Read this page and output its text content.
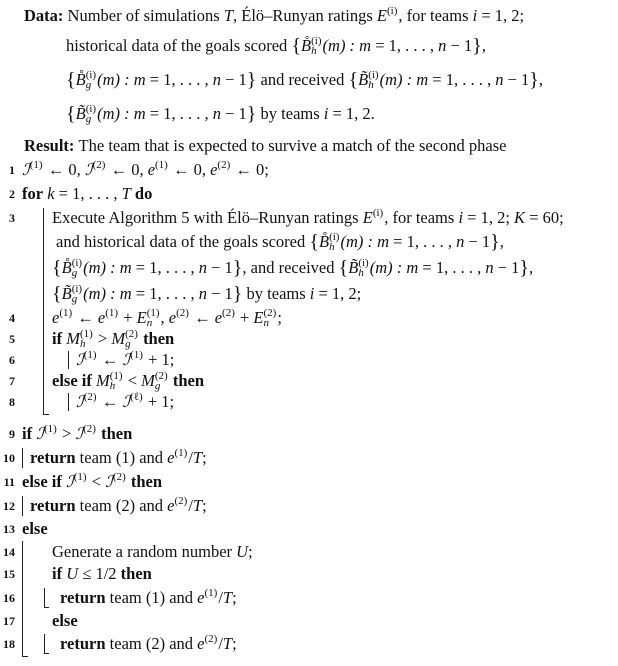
Data:
Number of simulations T , Élö–Runyan ratings E (i)
, for teams i = 1, 2;
historical data of the goals scored { B̊ (i)
h (m) : m = 1, . . . , n − 1 } ,
{ B̊ (i)
g (m) : m = 1, . . . , n − 1 } and received { B̃ (i)
h (m) : m = 1, . . . , n − 1 } ,
{ B̃ (i)
g (m) : m = 1, . . . , n − 1 } by teams i = 1, 2.
Result:
The team that is expected to survive a match of the second phase
1 ℐ (1)
← 0, ℐ (2)
← 0, e (1)
← 0, e (2)
← 0;
2 for k = 1, . . . , T do
3 Execute Algorithm 5 with Élö–Runyan ratings E (i)
, for teams i = 1, 2; K = 60;
and historical data of the goals scored { B̊ (i)
h (m) : m = 1, . . . , n − 1 } ,
{ B̊ (i)
g (m) : m = 1, . . . , n − 1 } , and received { B̃ (i)
h (m) : m = 1, . . . , n − 1 } ,
{ B̃ (i)
g (m) : m = 1, . . . , n − 1 } by teams i = 1, 2;
4 e (1)
← e (1)
+ E (1)
n , e (2)
← e (2)
+ E (2)
n ;
5 if M (1)
h > M (2)
g then
6	ℐ (1)
← ℐ (1)
+ 1;
7 else if M (1)
h < M (2)
g then
8	ℐ (2)
← ℐ (ℓ)
+ 1;
9 if ℐ (1)
> ℐ (2)
then
10 return team (1) and e (1)
/ T ;
11 else if ℐ (1)
< ℐ (2)
then
12 return team (2) and e (2)
/ T ;
13 else
14 Generate a random number U ;
15 if U ≤ 1/2 then
16	return team (1) and e (1)
/ T ;
17 else
18	return team (2) and e (2)
/ T ;
